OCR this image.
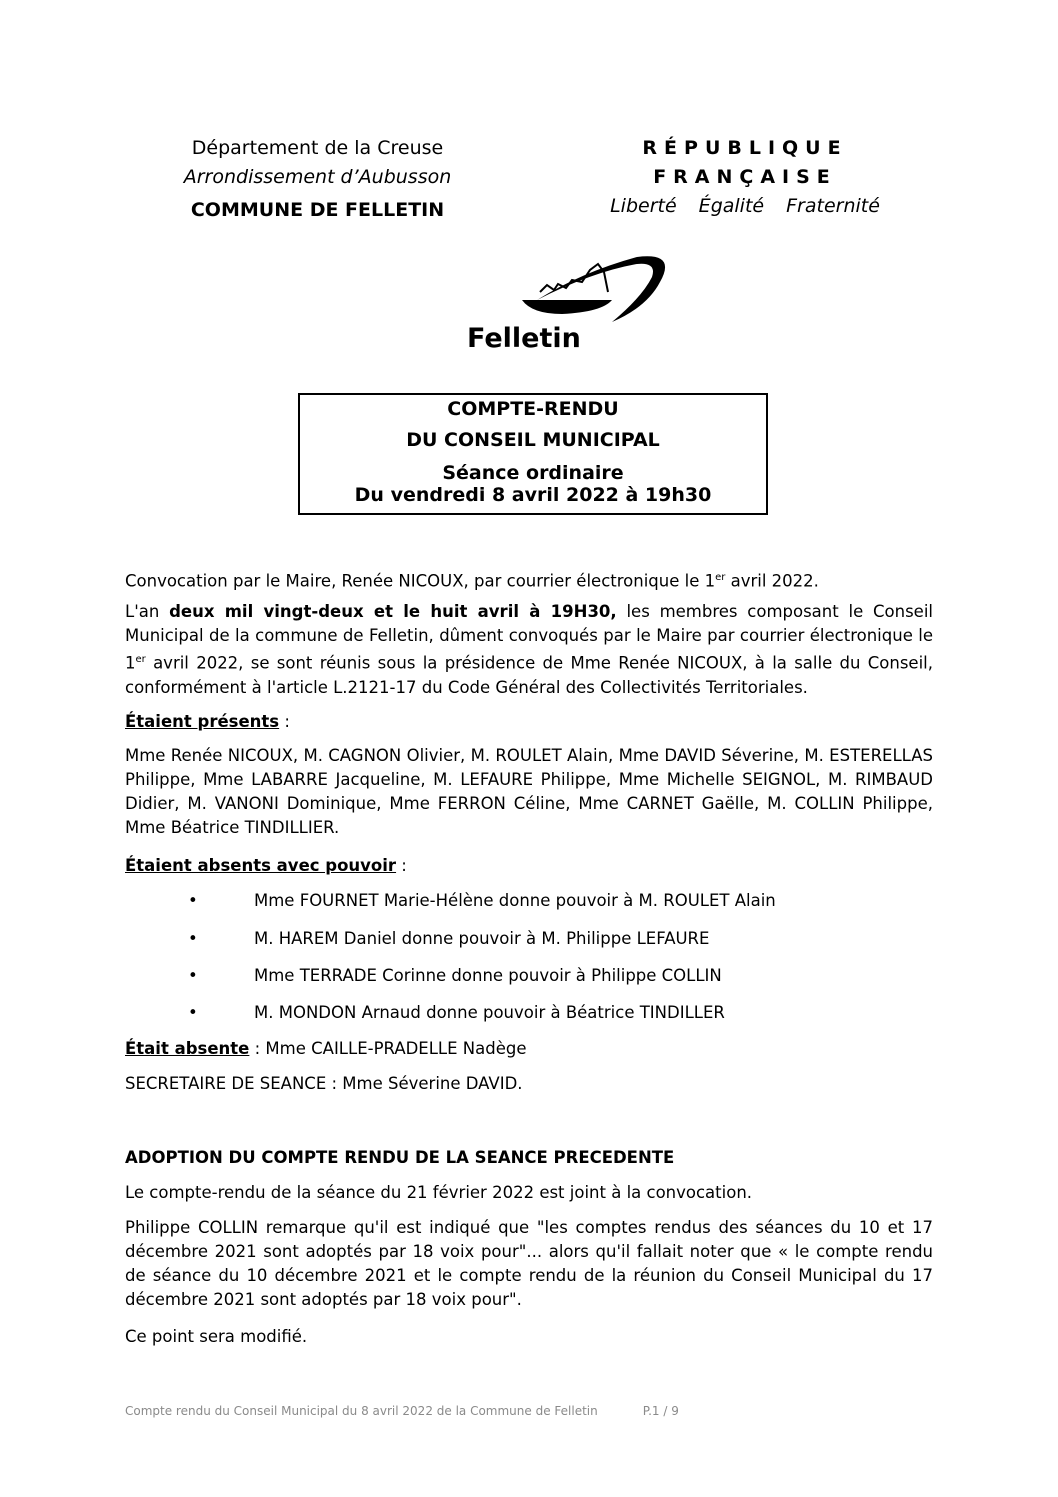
Département de la Creuse
Arrondissement d’Aubusson
COMMUNE DE FELLETIN
RÉPUBLIQUE FRANÇAISE
Liberté Égalité Fraternité
Felletin
COMPTE-RENDU
DU CONSEIL MUNICIPAL
Séance ordinaire
Du vendredi 8 avril 2022 à 19h30

Convocation par le Maire, Renée NICOUX, par courrier électronique le 1er avril 2022.

L'an deux mil vingt-deux et le huit avril à 19H30, les membres composant le Conseil Municipal de la commune de Felletin, dûment convoqués par le Maire par courrier électronique le 1er avril 2022, se sont réunis sous la présidence de Mme Renée NICOUX, à la salle du Conseil, conformément à l'article L.2121-17 du Code Général des Collectivités Territoriales.

Étaient présents :

Mme Renée NICOUX, M. CAGNON Olivier, M. ROULET Alain, Mme DAVID Séverine, M. ESTERELLAS Philippe, Mme LABARRE Jacqueline, M. LEFAURE Philippe, Mme Michelle SEIGNOL, M. RIMBAUD Didier, M. VANONI Dominique, Mme FERRON Céline, Mme CARNET Gaëlle, M. COLLIN Philippe, Mme Béatrice TINDILLIER.

Étaient absents avec pouvoir :

•	Mme FOURNET Marie-Hélène donne pouvoir à M. ROULET Alain
•	M. HAREM Daniel donne pouvoir à M. Philippe LEFAURE
•	Mme TERRADE Corinne donne pouvoir à Philippe COLLIN
•	M. MONDON Arnaud donne pouvoir à Béatrice TINDILLER

Était absente : Mme CAILLE-PRADELLE Nadège

SECRETAIRE DE SEANCE : Mme Séverine DAVID.

ADOPTION DU COMPTE RENDU DE LA SEANCE PRECEDENTE

Le compte-rendu de la séance du 21 février 2022 est joint à la convocation.

Philippe COLLIN remarque qu'il est indiqué que "les comptes rendus des séances du 10 et 17 décembre 2021 sont adoptés par 18 voix pour"... alors qu'il fallait noter que « le compte rendu de séance du 10 décembre 2021 et le compte rendu de la réunion du Conseil Municipal du 17 décembre 2021 sont adoptés par 18 voix pour".

Ce point sera modifié.

Compte rendu du Conseil Municipal du 8 avril 2022 de la Commune de Felletin	P.1 / 9
